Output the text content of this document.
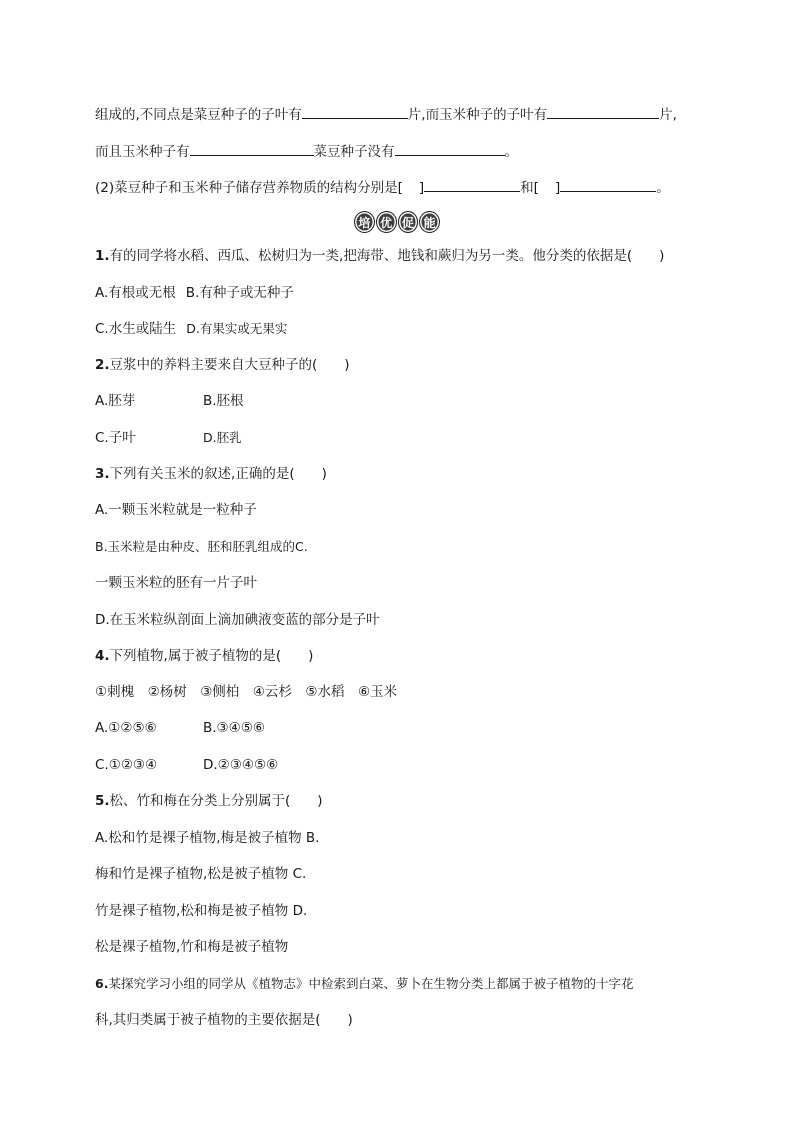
组成的,不同点是菜豆种子的子叶有	片,而玉米种子的子叶有	片,
而且玉米种子有	菜豆种子没有	。
(2)菜豆种子和玉米种子储存营养物质的结构分别是[ ]	和[ ]	。
培 优 促 能
1.有的同学将水稻、西瓜、松树归为一类,把海带、地钱和蕨归为另一类。他分类的依据是(　　)
A.有根或无根 B.有种子或无种子
C.水生或陆生 D.有果实或无果实
2.豆浆中的养料主要来自大豆种子的(　　)
A.胚芽	B.胚根
C.子叶	D.胚乳
3.下列有关玉米的叙述,正确的是(　　)
A.一颗玉米粒就是一粒种子
B.玉米粒是由种皮、胚和胚乳组成的C.
一颗玉米粒的胚有一片子叶
D.在玉米粒纵剖面上滴加碘液变蓝的部分是子叶
4.下列植物,属于被子植物的是(　　)
①刺槐　②杨树　③侧柏　④云杉　⑤水稻　⑥玉米
A.①②⑤⑥	B.③④⑤⑥
C.①②③④	D.②③④⑤⑥
5.松、竹和梅在分类上分别属于(　　)
A.松和竹是裸子植物,梅是被子植物 B.
梅和竹是裸子植物,松是被子植物 C.
竹是裸子植物,松和梅是被子植物 D.
松是裸子植物,竹和梅是被子植物
6.某探究学习小组的同学从《植物志》中检索到白菜、萝卜在生物分类上都属于被子植物的十字花
科,其归类属于被子植物的主要依据是(　　)
